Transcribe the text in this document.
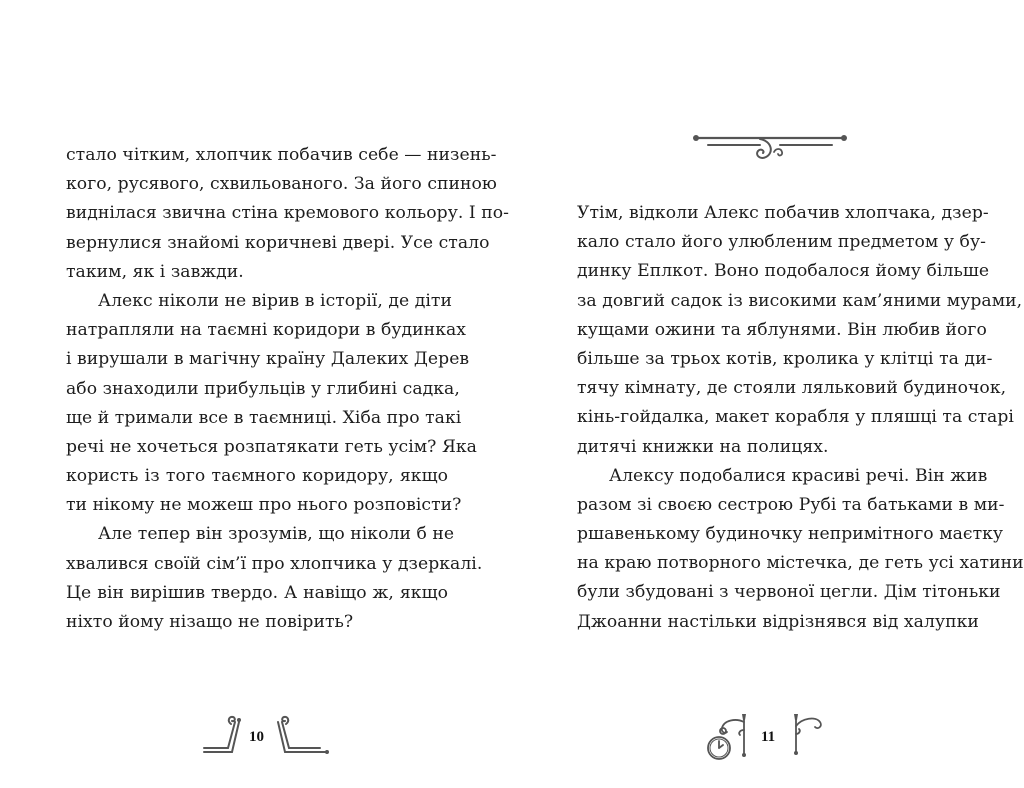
стало чітким, хлопчик побачив себе — низень-
кого, русявого, схвильованого. За його спиною
виднілася звична стіна кремового кольору. І по-
вернулися знайомі коричневі двері. Усе стало
таким, як і завжди.
Алекс ніколи не вірив в історії, де діти
натрапляли на таємні коридори в будинках
і вирушали в магічну країну Далеких Дерев
або знаходили прибульців у глибині садка,
ще й тримали все в таємниці. Хіба про такі
речі не хочеться розпатякати геть усім? Яка
користь із того таємного коридору, якщо
ти нікому не можеш про нього розповісти?
Але тепер він зрозумів, що ніколи б не
хвалився своїй сім’ї про хлопчика у дзеркалі.
Це він вирішив твердо. А навіщо ж, якщо
ніхто йому нізащо не повірить?
10
Утім, відколи Алекс побачив хлопчака, дзер-
кало стало його улюбленим предметом у бу-
динку Еплкот. Воно подобалося йому більше
за довгий садок із високими кам’яними мурами,
кущами ожини та яблунями. Він любив його
більше за трьох котів, кролика у клітці та ди-
тячу кімнату, де стояли ляльковий будиночок,
кінь-гойдалка, макет корабля у пляшці та старі
дитячі книжки на полицях.
Алексу подобалися красиві речі. Він жив
разом зі своєю сестрою Рубі та батьками в ми-
ршавенькому будиночку непримітного маєтку
на краю потворного містечка, де геть усі хатини
були збудовані з червоної цегли. Дім тітоньки
Джоанни настільки відрізнявся від халупки
11
